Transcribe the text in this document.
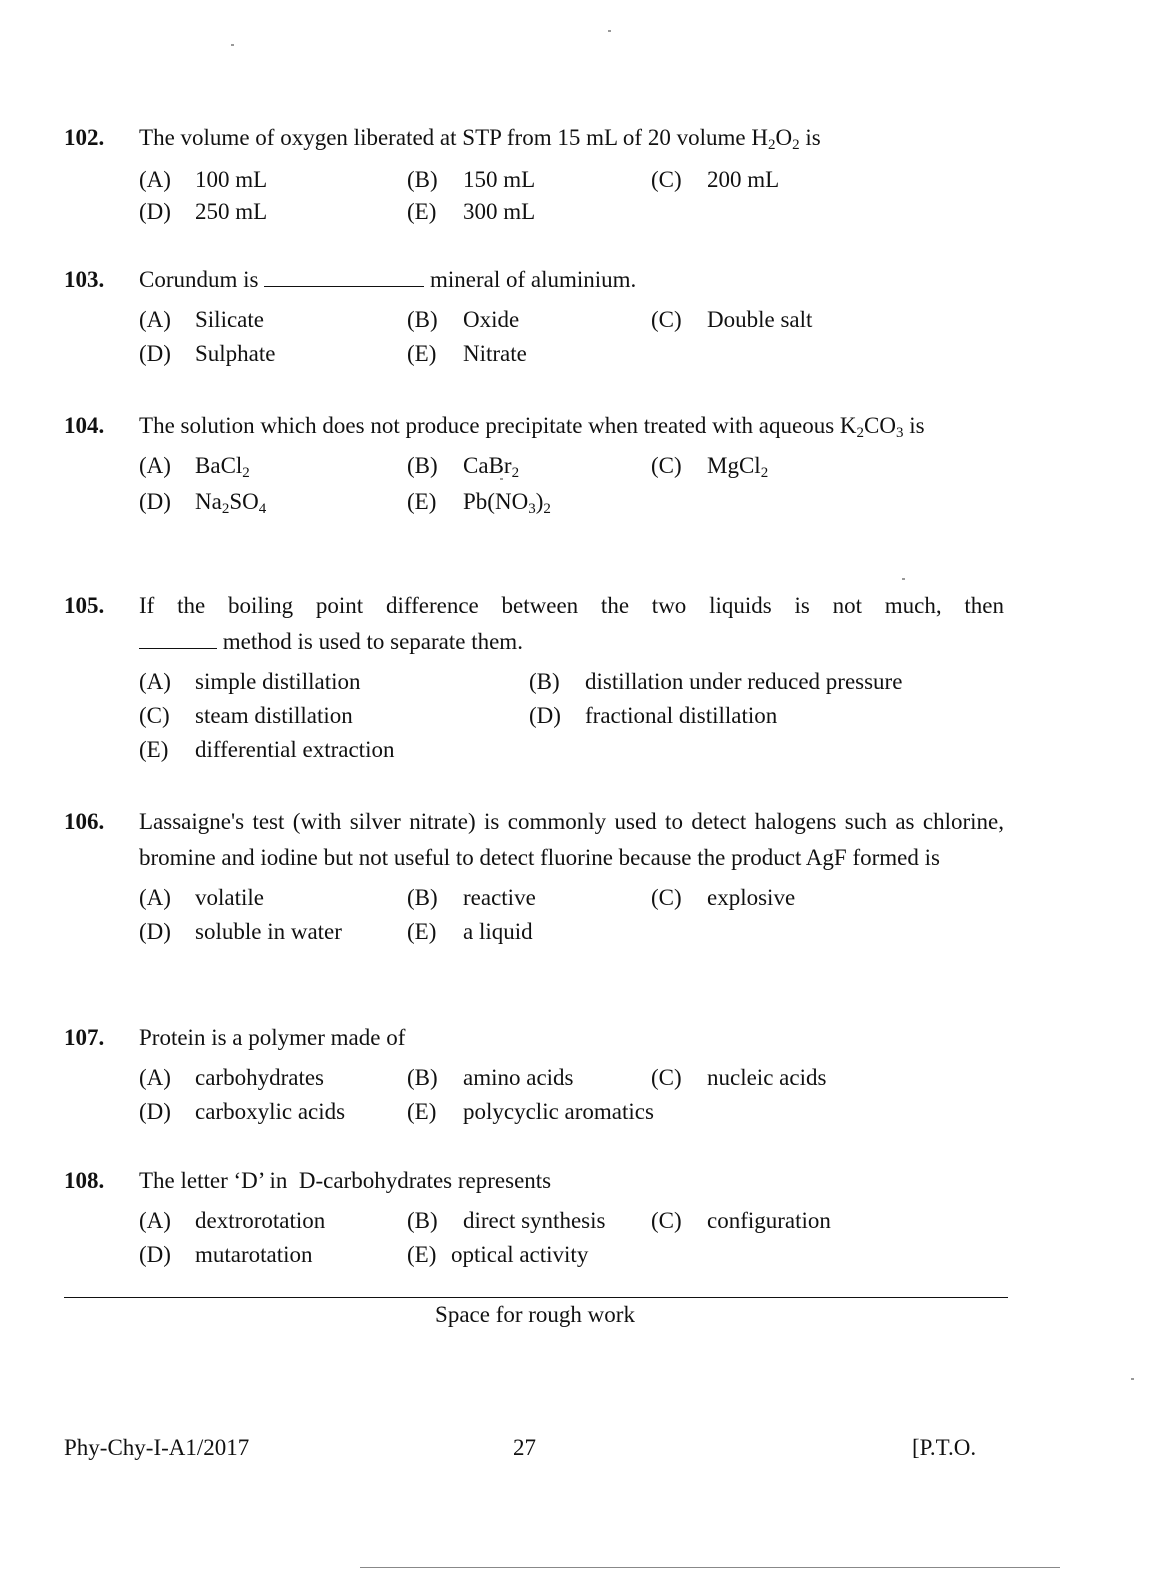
102. The volume of oxygen liberated at STP from 15 mL of 20 volume $H_2O_2$ is
(A) 100 mL	(B) 150 mL	(C) 200 mL
(D) 250 mL	(E) 300 mL
103. Corundum is	mineral of aluminium.
(A) Silicate	(B) Oxide	(C) Double salt
(D) Sulphate	(E) Nitrate
104. The solution which does not produce precipitate when treated with aqueous $K_2CO_3$ is
(A) BaCl$_2$	(B) CaBr$_2$	(C) MgCl$_2$
(D) $Na_2SO_4$	(E) $Pb(NO_3)_2$
105. If the boiling point difference between the two liquids is not much, then
method is used to separate them.
(A) simple distillation	(B) distillation under reduced pressure
(C) steam distillation	(D) fractional distillation
(E) differential extraction
106. Lassaigne's test (with silver nitrate) is commonly used to detect halogens such as chlorine, bromine and iodine but not useful to detect fluorine because the product AgF formed is
(A) volatile	(B) reactive	(C) explosive
(D) soluble in water	(E) a liquid
107. Protein is a polymer made of
(A) carbohydrates	(B) amino acids	(C) nucleic acids
(D) carboxylic acids	(E) polycyclic aromatics
108. The letter ‘D’ in  D-carbohydrates represents
(A) dextrorotation	(B) direct synthesis (C) configuration
(D) mutarotation	(E) optical activity
Space for rough work
Phy-Chy-I-A1/2017	27	[P.T.O.
